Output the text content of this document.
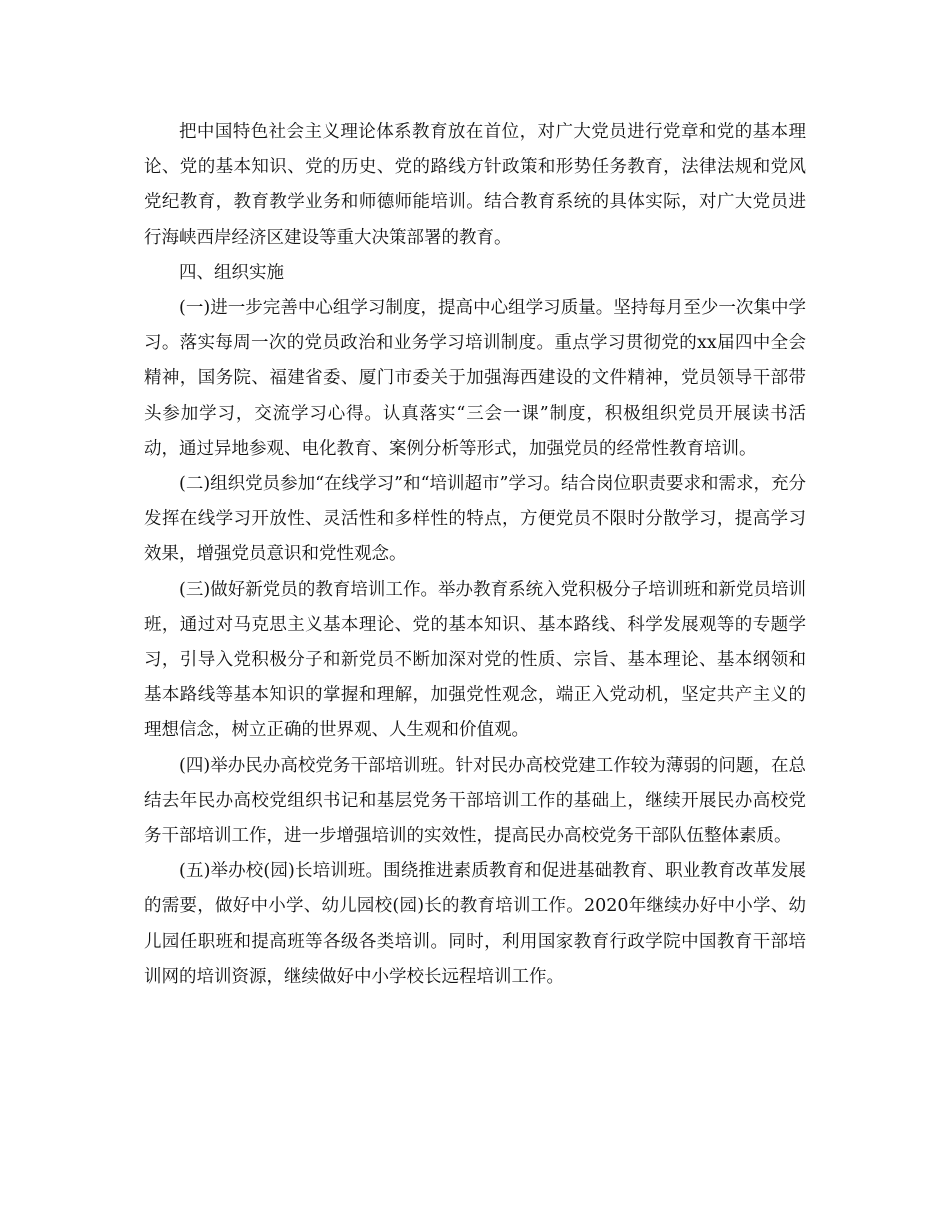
把中国特色社会主义理论体系教育放在首位，对广大党员进行党章和党的基本理论、党的基本知识、党的历史、党的路线方针政策和形势任务教育，法律法规和党风党纪教育，教育教学业务和师德师能培训。结合教育系统的具体实际，对广大党员进行海峡西岸经济区建设等重大决策部署的教育。

四、组织实施

(一)进一步完善中心组学习制度，提高中心组学习质量。坚持每月至少一次集中学习。落实每周一次的党员政治和业务学习培训制度。重点学习贯彻党的xx届四中全会精神，国务院、福建省委、厦门市委关于加强海西建设的文件精神，党员领导干部带头参加学习，交流学习心得。认真落实“三会一课”制度，积极组织党员开展读书活动，通过异地参观、电化教育、案例分析等形式，加强党员的经常性教育培训。

(二)组织党员参加“在线学习”和“培训超市”学习。结合岗位职责要求和需求，充分发挥在线学习开放性、灵活性和多样性的特点，方便党员不限时分散学习，提高学习效果，增强党员意识和党性观念。

(三)做好新党员的教育培训工作。举办教育系统入党积极分子培训班和新党员培训班，通过对马克思主义基本理论、党的基本知识、基本路线、科学发展观等的专题学习，引导入党积极分子和新党员不断加深对党的性质、宗旨、基本理论、基本纲领和基本路线等基本知识的掌握和理解，加强党性观念，端正入党动机，坚定共产主义的理想信念，树立正确的世界观、人生观和价值观。

(四)举办民办高校党务干部培训班。针对民办高校党建工作较为薄弱的问题，在总结去年民办高校党组织书记和基层党务干部培训工作的基础上，继续开展民办高校党务干部培训工作，进一步增强培训的实效性，提高民办高校党务干部队伍整体素质。

(五)举办校(园)长培训班。围绕推进素质教育和促进基础教育、职业教育改革发展的需要，做好中小学、幼儿园校(园)长的教育培训工作。2020年继续办好中小学、幼儿园任职班和提高班等各级各类培训。同时，利用国家教育行政学院中国教育干部培训网的培训资源，继续做好中小学校长远程培训工作。
